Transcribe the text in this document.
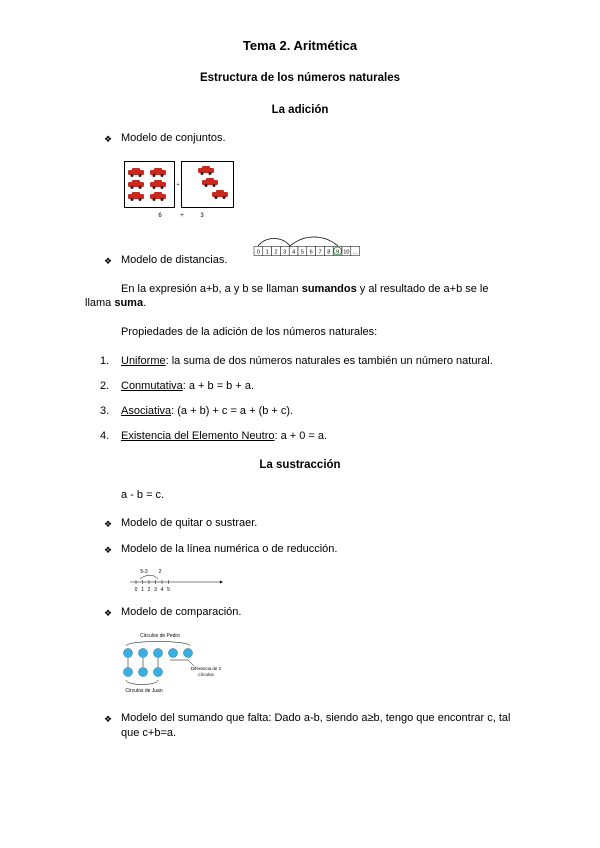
Tema 2. Aritmética
Estructura de los números naturales
La adición
❖ Modelo de conjuntos.
+
6	+	3
❖ Modelo de distancias.
0 1 2 3 4 5 6 7 8 9 10 ...
En la expresión a+b, a y b se llaman sumandos y al resultado de a+b se le
llama suma.
Propiedades de la adición de los números naturales:
1. Uniforme: la suma de dos números naturales es también un número natural.
2. Conmutativa: a + b = b + a.
3. Asociativa: (a + b) + c = a + (b + c).
4. Existencia del Elemento Neutro: a + 0 = a.
La sustracción
a - b = c.
❖ Modelo de quitar o sustraer.
❖ Modelo de la línea numérica o de reducción.
5-3 2
0 1 2 3 4 5
❖ Modelo de comparación.
Circulos de Pedro
Circulos de Juan
Diferencia de 2
círculos
❖ Modelo del sumando que falta: Dado a-b, siendo a≥b, tengo que encontrar c, tal
que c+b=a.
